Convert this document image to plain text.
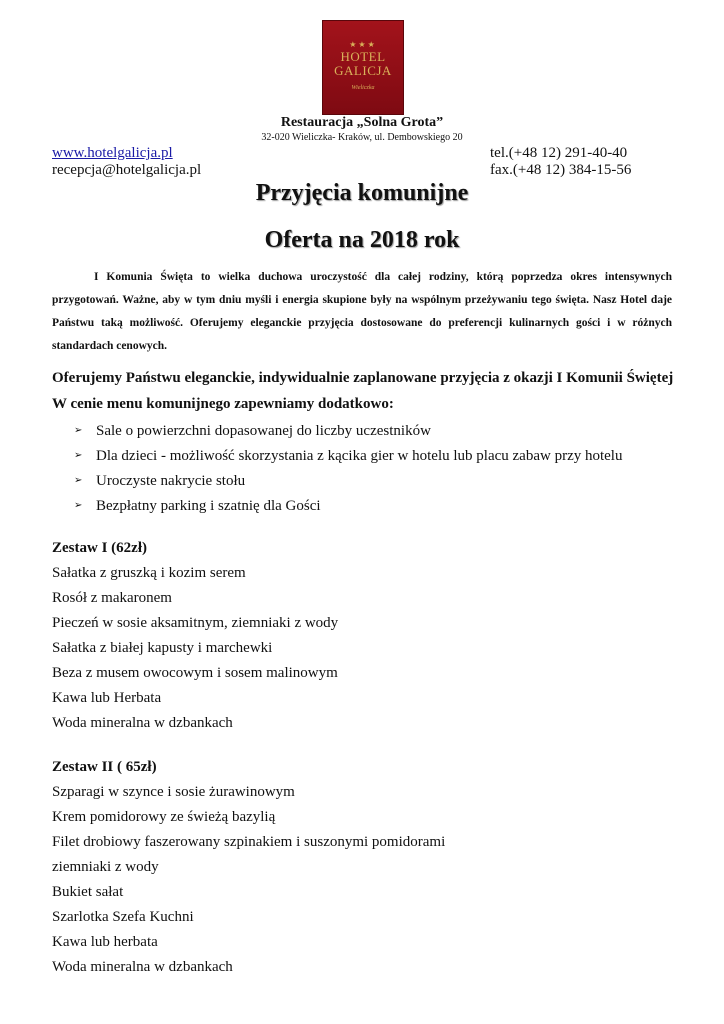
★★★
HOTEL
GALICJA
Wieliczka
Restauracja „Solna Grota”
32-020 Wieliczka- Kraków, ul. Dembowskiego 20
www.hotelgalicja.pl
recepcja@hotelgalicja.pl
tel.(+48 12) 291-40-40
fax.(+48 12) 384-15-56
Przyjęcia komunijne
Oferta na 2018 rok

I Komunia Święta to wielka duchowa uroczystość dla całej rodziny, którą poprzedza okres intensywnych przygotowań. Ważne, aby w tym dniu myśli i energia skupione były na wspólnym przeżywaniu tego święta. Nasz Hotel daje Państwu taką możliwość. Oferujemy eleganckie przyjęcia dostosowane do preferencji kulinarnych gości i w różnych standardach cenowych.

Oferujemy Państwu eleganckie, indywidualnie zaplanowane przyjęcia z okazji I Komunii Świętej
W cenie menu komunijnego zapewniamy dodatkowo:
➢ Sale o powierzchni dopasowanej do liczby uczestników
➢ Dla dzieci - możliwość skorzystania z kącika gier w hotelu lub placu zabaw przy hotelu
➢ Uroczyste nakrycie stołu
➢ Bezpłatny parking i szatnię dla Gości
Zestaw I (62zł)
Sałatka z gruszką i kozim serem
Rosół z makaronem
Pieczeń w sosie aksamitnym, ziemniaki z wody
Sałatka z białej kapusty i marchewki
Beza z musem owocowym i sosem malinowym
Kawa lub Herbata
Woda mineralna w dzbankach
Zestaw II ( 65zł)
Szparagi w szynce i sosie żurawinowym
Krem pomidorowy ze świeżą bazylią
Filet drobiowy faszerowany szpinakiem i suszonymi pomidorami
ziemniaki z wody
Bukiet sałat
Szarlotka Szefa Kuchni
Kawa lub herbata
Woda mineralna w dzbankach
